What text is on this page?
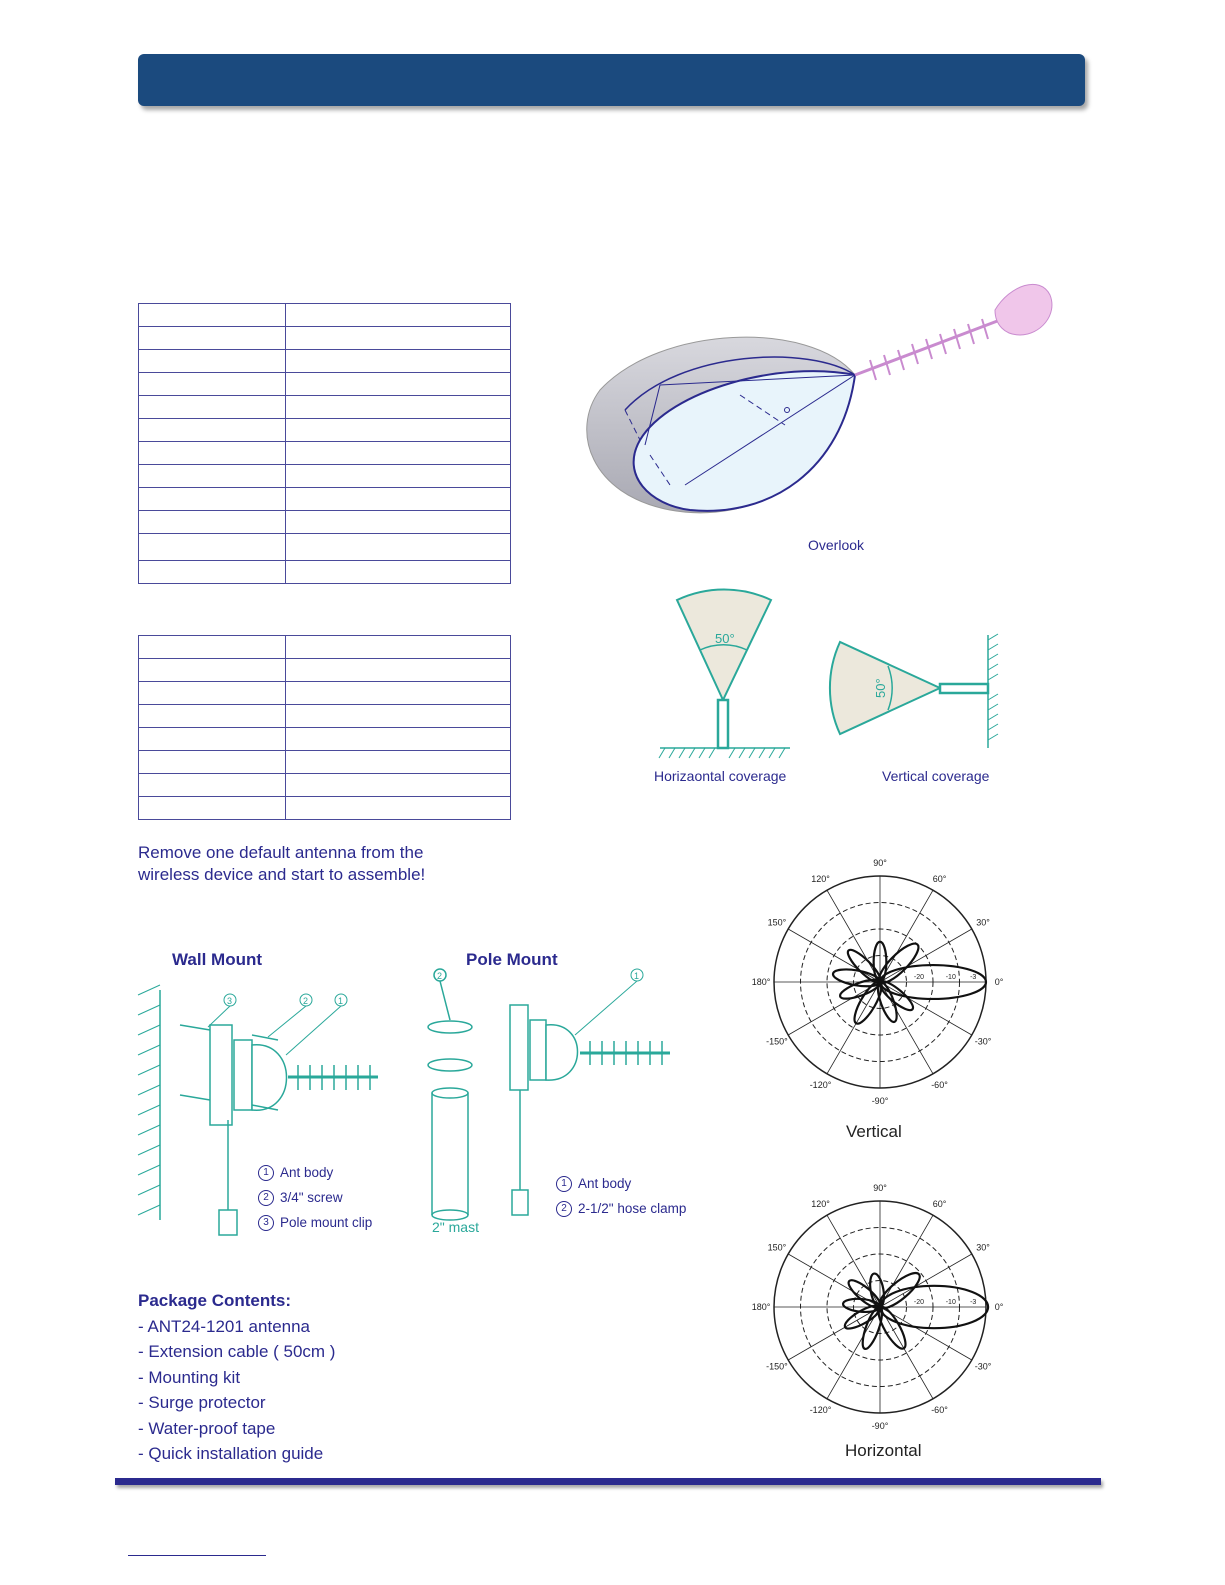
Overlook
50°
Horizaontal coverage
50°
Vertical coverage
Remove one default antenna from the wireless device and start to assemble!
Wall Mount	Pole Mount
3	2	1
1 Ant body
2 3/4" screw
3 Pole mount clip
2	1
2" mast
1 Ant body
2 2-1/2" hose clamp
Package Contents:
- ANT24-1201 antenna
- Extension cable ( 50cm )
- Mounting kit
- Surge protector
- Water-proof tape
- Quick installation guide
90°
60°
30°
0°
-30°
-60°
-90°
-120°
-150°
180°
150°
120°
-20	-10 -3
Vertical
90°
60°
30°
0°
-30°
-60°
-90°
-120°
-150°
180°
150°
120°
-20	-10 -3
Horizontal
